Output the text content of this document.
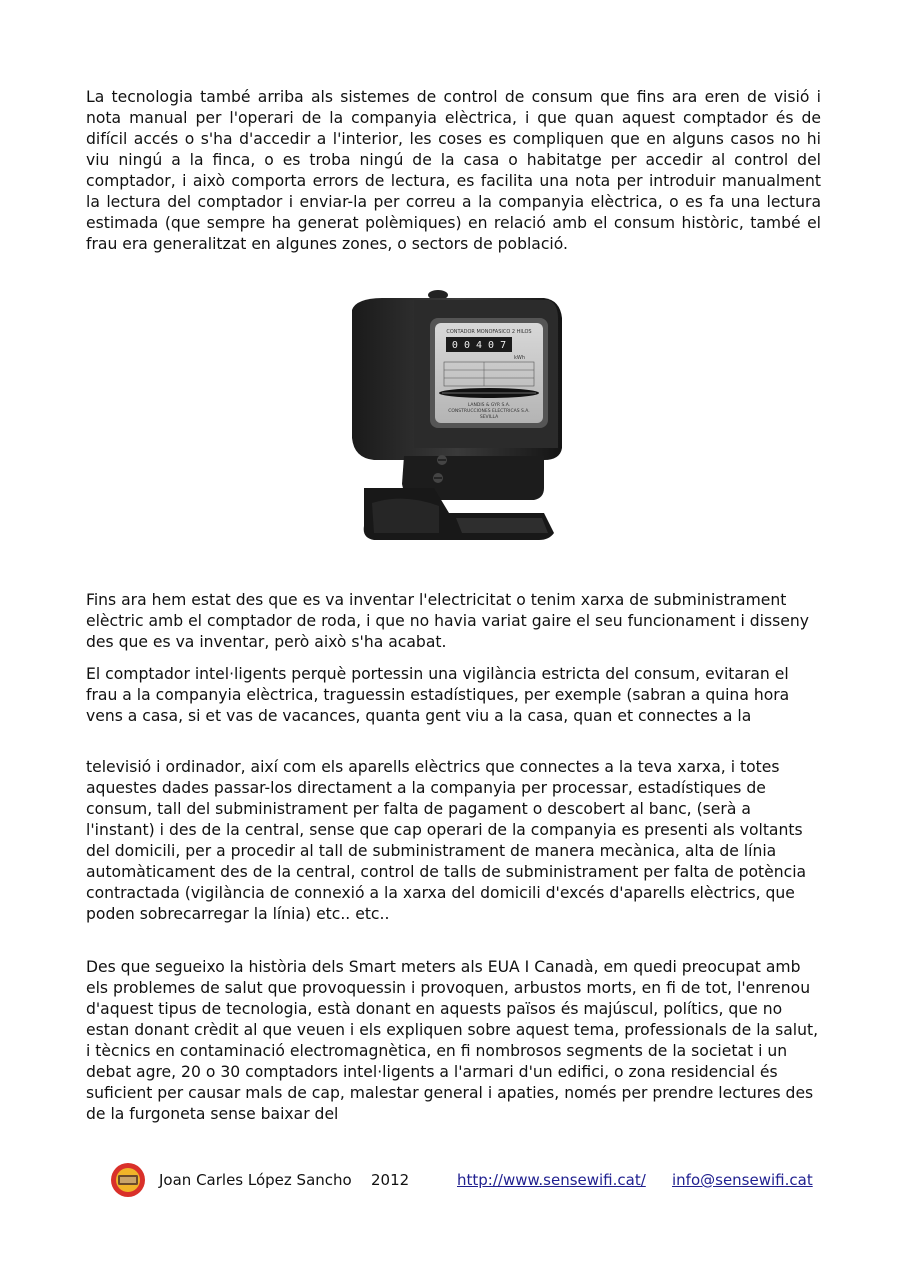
La tecnologia també arriba als sistemes de control de consum que fins ara eren de visió i nota manual per l'operari de la companyia elèctrica, i que quan aquest comptador és de difícil accés o s'ha d'accedir a l'interior, les coses es compliquen que en alguns casos no hi viu ningú a la finca, o es troba ningú de la casa o habitatge per accedir al control del comptador, i això comporta errors de lectura, es facilita una nota per introduir manualment la lectura del comptador i enviar-la per correu a la companyia elèctrica, o es fa una lectura estimada (que sempre ha generat polèmiques) en relació amb el consum històric, també el frau era generalitzat en algunes zones, o sectors de població.

CONTADOR MONOFASICO 2 HILOS
0 0 4 0 7
kWh
LANDIS & GYR S.A.
CONSTRUCCIONES ELECTRICAS S.A.
SEVILLA

Fins ara hem estat des que es va inventar l'electricitat o tenim xarxa de subministrament elèctric amb el comptador de roda, i que no havia variat gaire el seu funcionament i disseny des que es va inventar, però això s'ha acabat.

El comptador intel·ligents perquè portessin una vigilància estricta del consum, evitaran el frau a la companyia elèctrica, traguessin estadístiques, per exemple (sabran a quina hora vens a casa, si et vas de vacances, quanta gent viu a la casa, quan et connectes a la

televisió i ordinador, així com els aparells elèctrics que connectes a la teva xarxa, i totes aquestes dades passar-los directament a la companyia per processar, estadístiques de consum, tall del subministrament per falta de pagament o descobert al banc, (serà a l'instant) i des de la central, sense que cap operari de la companyia es presenti als voltants del domicili, per a procedir al tall de subministrament de manera mecànica, alta de línia automàticament des de la central, control de talls de subministrament per falta de potència contractada (vigilància de connexió a la xarxa del domicili d'excés d'aparells elèctrics, que poden sobrecarregar la línia) etc.. etc..

Des que segueixo la història dels Smart meters als EUA I Canadà, em quedi preocupat amb els problemes de salut que provoquessin i provoquen, arbustos morts, en fi de tot, l'enrenou d'aquest tipus de tecnologia, està donant en aquests països és majúscul, polítics, que no estan donant crèdit al que veuen i els expliquen sobre aquest tema, professionals de la salut, i tècnics en contaminació electromagnètica, en fi nombrosos segments de la societat i un debat agre, 20 o 30 comptadors intel·ligents a l'armari d'un edifici, o zona residencial és suficient per causar mals de cap, malestar general i apaties, només per prendre lectures des de la furgoneta sense baixar del

Joan Carles López Sancho 2012	http://www.sensewifi.cat/ info@sensewifi.cat
